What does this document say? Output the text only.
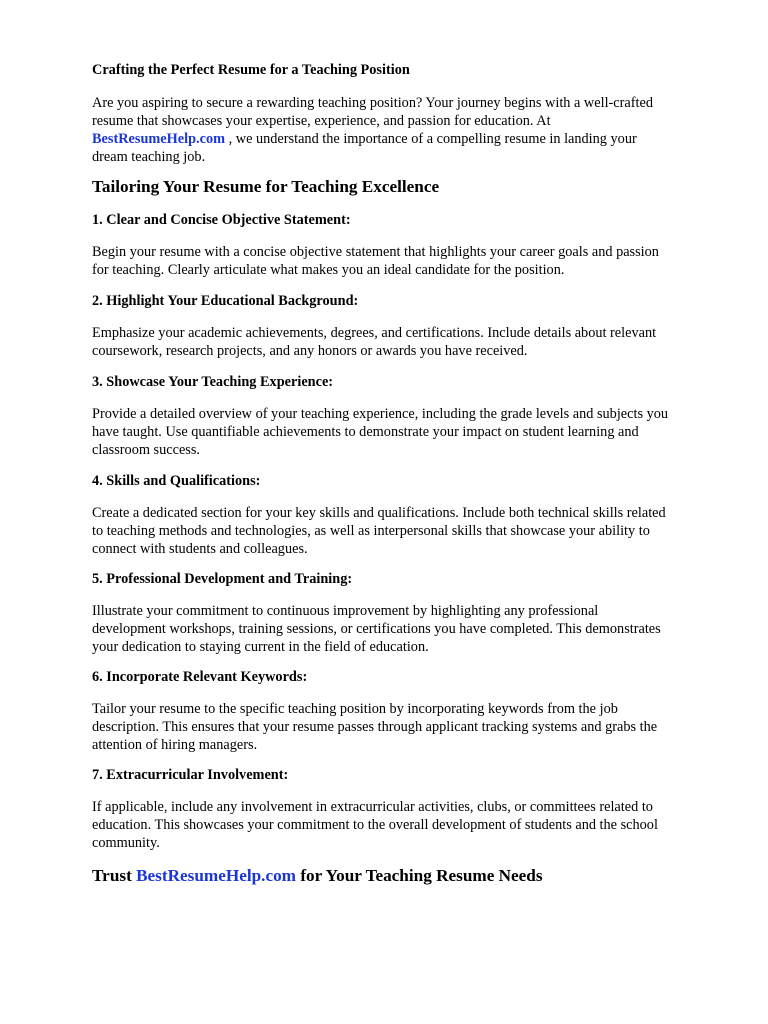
Crafting the Perfect Resume for a Teaching Position
Are you aspiring to secure a rewarding teaching position? Your journey begins with a well-crafted
resume that showcases your expertise, experience, and passion for education. At
BestResumeHelp.com , we understand the importance of a compelling resume in landing your
dream teaching job.
Tailoring Your Resume for Teaching Excellence
1. Clear and Concise Objective Statement:
Begin your resume with a concise objective statement that highlights your career goals and passion
for teaching. Clearly articulate what makes you an ideal candidate for the position.
2. Highlight Your Educational Background:
Emphasize your academic achievements, degrees, and certifications. Include details about relevant
coursework, research projects, and any honors or awards you have received.
3. Showcase Your Teaching Experience:
Provide a detailed overview of your teaching experience, including the grade levels and subjects you
have taught. Use quantifiable achievements to demonstrate your impact on student learning and
classroom success.
4. Skills and Qualifications:
Create a dedicated section for your key skills and qualifications. Include both technical skills related
to teaching methods and technologies, as well as interpersonal skills that showcase your ability to
connect with students and colleagues.
5. Professional Development and Training:
Illustrate your commitment to continuous improvement by highlighting any professional
development workshops, training sessions, or certifications you have completed. This demonstrates
your dedication to staying current in the field of education.
6. Incorporate Relevant Keywords:
Tailor your resume to the specific teaching position by incorporating keywords from the job
description. This ensures that your resume passes through applicant tracking systems and grabs the
attention of hiring managers.
7. Extracurricular Involvement:
If applicable, include any involvement in extracurricular activities, clubs, or committees related to
education. This showcases your commitment to the overall development of students and the school
community.
Trust BestResumeHelp.com for Your Teaching Resume Needs
